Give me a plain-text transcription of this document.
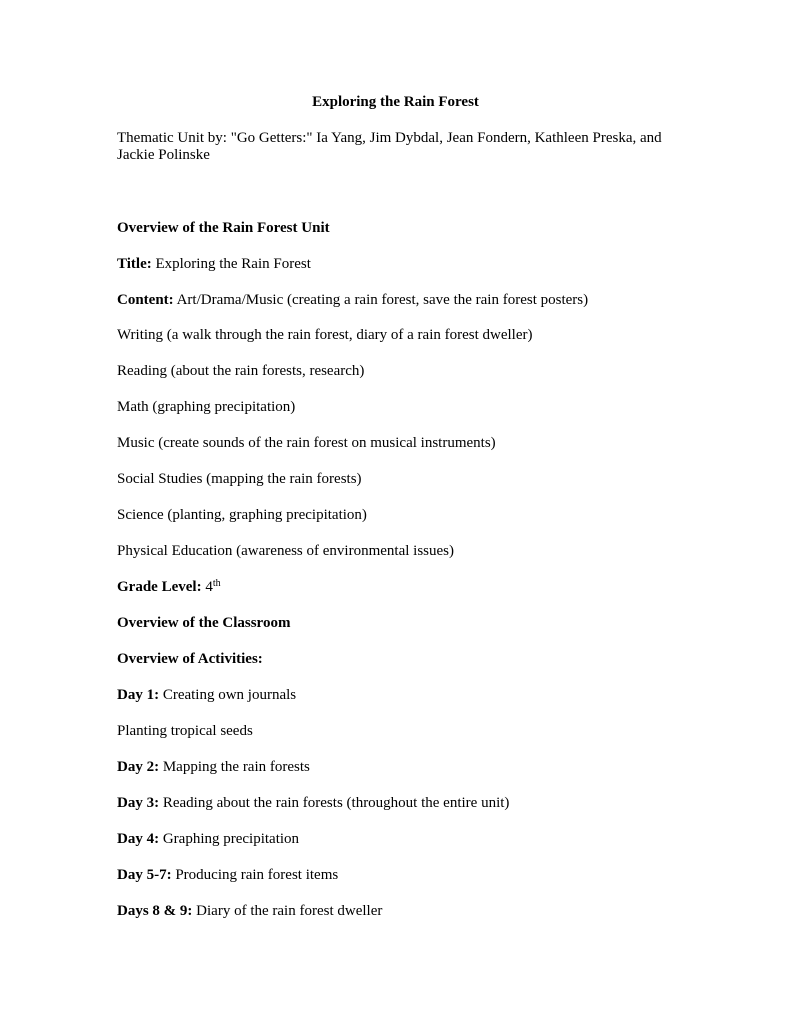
Exploring the Rain Forest

Thematic Unit by: "Go Getters:" Ia Yang, Jim Dybdal, Jean Fondern, Kathleen Preska, and Jackie Polinske

Overview of the Rain Forest Unit

Title: Exploring the Rain Forest

Content: Art/Drama/Music (creating a rain forest, save the rain forest posters)

Writing (a walk through the rain forest, diary of a rain forest dweller)

Reading (about the rain forests, research)

Math (graphing precipitation)

Music (create sounds of the rain forest on musical instruments)

Social Studies (mapping the rain forests)

Science (planting, graphing precipitation)

Physical Education (awareness of environmental issues)

Grade Level: 4th

Overview of the Classroom

Overview of Activities:

Day 1: Creating own journals

Planting tropical seeds

Day 2: Mapping the rain forests

Day 3: Reading about the rain forests (throughout the entire unit)

Day 4: Graphing precipitation

Day 5-7: Producing rain forest items

Days 8 & 9: Diary of the rain forest dweller
